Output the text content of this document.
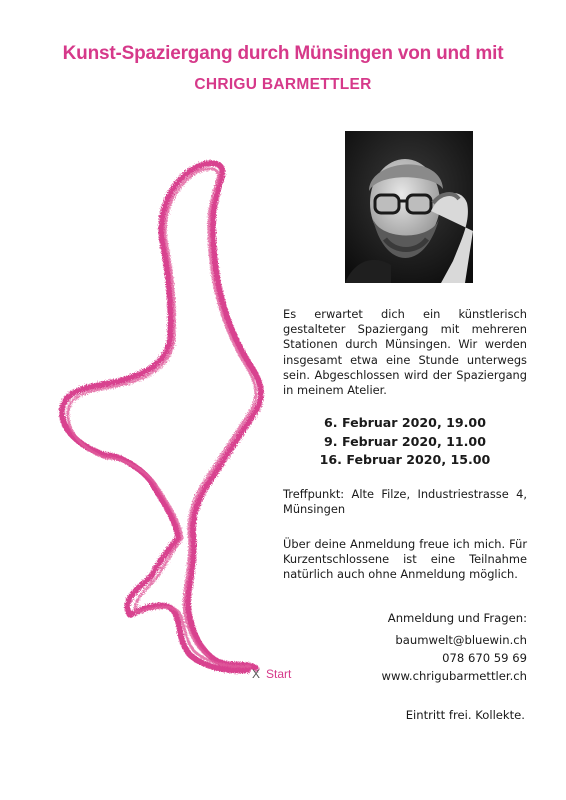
Kunst-Spaziergang durch Münsingen von und mit
CHRIGU BARMETTLER
X Start

Es erwartet dich ein künstlerisch gestalteter Spaziergang mit mehreren Stationen durch Münsingen. Wir werden insgesamt etwa eine Stunde unterwegs sein. Abgeschlossen wird der Spaziergang in meinem Atelier.

6. Februar 2020, 19.00
9. Februar 2020, 11.00
16. Februar 2020, 15.00

Treffpunkt: Alte Filze, Industriestrasse 4, Münsingen

Über deine Anmeldung freue ich mich. Für Kurzentschlossene ist eine Teilnahme natürlich auch ohne Anmeldung möglich.

Anmeldung und Fragen:
baumwelt@bluewin.ch
078 670 59 69
www.chrigubarmettler.ch
Eintritt frei. Kollekte.
